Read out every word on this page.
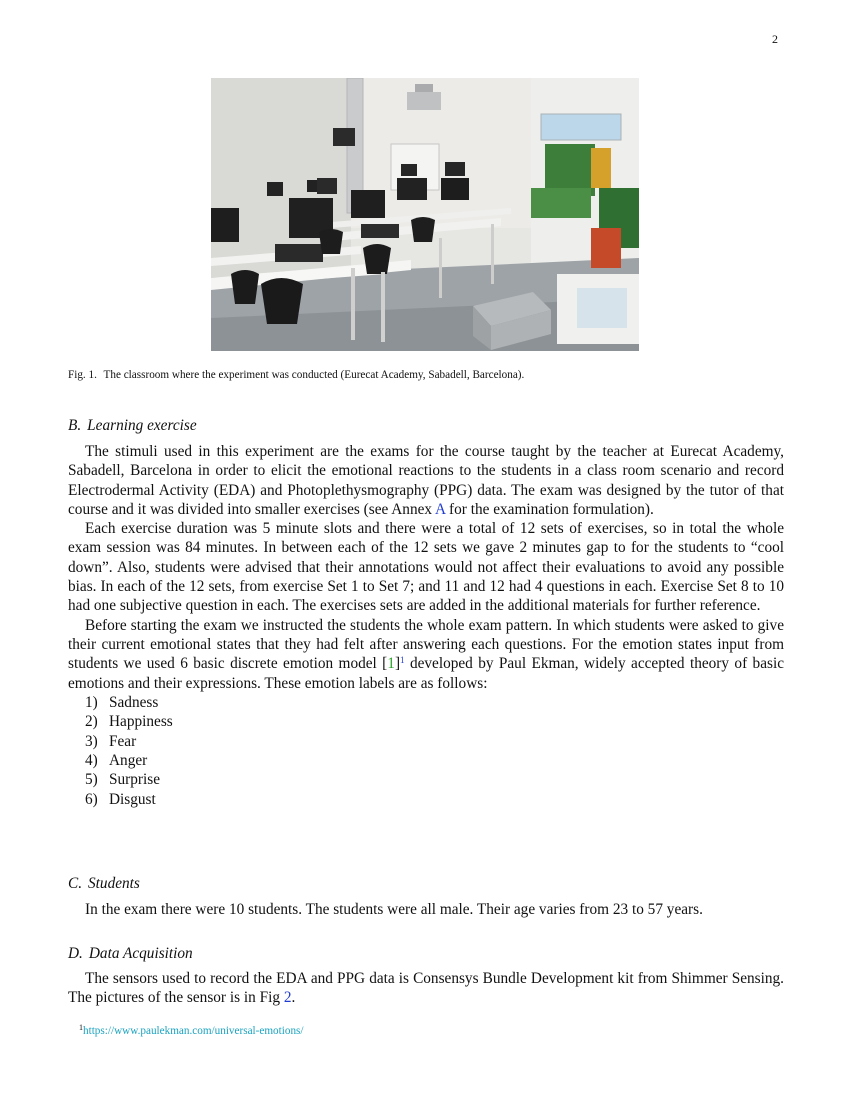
2
Fig. 1. The classroom where the experiment was conducted (Eurecat Academy, Sabadell, Barcelona).
B. Learning exercise

The stimuli used in this experiment are the exams for the course taught by the teacher at Eurecat Academy, Sabadell, Barcelona in order to elicit the emotional reactions to the students in a class room scenario and record Electrodermal Activity (EDA) and Photoplethysmography (PPG) data. The exam was designed by the tutor of that course and it was divided into smaller exercises (see Annex A for the examination formulation).

Each exercise duration was 5 minute slots and there were a total of 12 sets of exercises, so in total the whole exam session was 84 minutes. In between each of the 12 sets we gave 2 minutes gap to for the students to “cool down”. Also, students were advised that their annotations would not affect their evaluations to avoid any possible bias. In each of the 12 sets, from exercise Set 1 to Set 7; and 11 and 12 had 4 questions in each. Exercise Set 8 to 10 had one subjective question in each. The exercises sets are added in the additional materials for further reference.

Before starting the exam we instructed the students the whole exam pattern. In which students were asked to give their current emotional states that they had felt after answering each questions. For the emotion states input from students we used 6 basic discrete emotion model $[1]^1$ developed by Paul Ekman, widely accepted theory of basic emotions and their expressions. These emotion labels are as follows:

1) Sadness
2) Happiness
3) Fear
4) Anger
5) Surprise
6) Disgust
C. Students

In the exam there were 10 students. The students were all male. Their age varies from 23 to 57 years.

D. Data Acquisition

The sensors used to record the EDA and PPG data is Consensys Bundle Development kit from Shimmer Sensing. The pictures of the sensor is in Fig 2.

$^1$https://www.paulekman.com/universal-emotions/
